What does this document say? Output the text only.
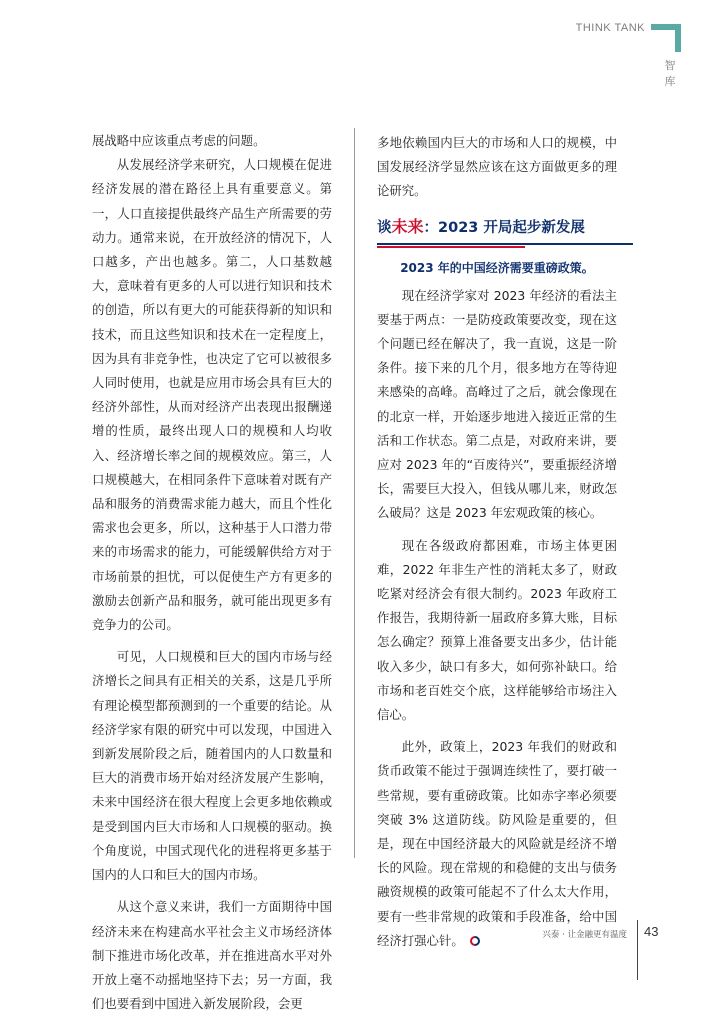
THINK TANK
智库

展战略中应该重点考虑的问题。

从发展经济学来研究，人口规模在促进经济发展的潜在路径上具有重要意义。第一，人口直接提供最终产品生产所需要的劳动力。通常来说，在开放经济的情况下，人口越多，产出也越多。第二，人口基数越大，意味着有更多的人可以进行知识和技术的创造，所以有更大的可能获得新的知识和技术，而且这些知识和技术在一定程度上，因为具有非竞争性，也决定了它可以被很多人同时使用，也就是应用市场会具有巨大的经济外部性，从而对经济产出表现出报酬递增的性质，最终出现人口的规模和人均收入、经济增长率之间的规模效应。第三，人口规模越大，在相同条件下意味着对既有产品和服务的消费需求能力越大，而且个性化需求也会更多，所以，这种基于人口潜力带来的市场需求的能力，可能缓解供给方对于市场前景的担忧，可以促使生产方有更多的激励去创新产品和服务，就可能出现更多有竞争力的公司。

可见，人口规模和巨大的国内市场与经济增长之间具有正相关的关系，这是几乎所有理论模型都预测到的一个重要的结论。从经济学家有限的研究中可以发现，中国进入到新发展阶段之后，随着国内的人口数量和巨大的消费市场开始对经济发展产生影响，未来中国经济在很大程度上会更多地依赖或是受到国内巨大市场和人口规模的驱动。换个角度说，中国式现代化的进程将更多基于国内的人口和巨大的国内市场。

从这个意义来讲，我们一方面期待中国经济未来在构建高水平社会主义市场经济体制下推进市场化改革，并在推进高水平对外开放上毫不动摇地坚持下去；另一方面，我们也要看到中国进入新发展阶段，会更

多地依赖国内巨大的市场和人口的规模，中国发展经济学显然应该在这方面做更多的理论研究。

谈未来：2023 开局起步新发展
2023 年的中国经济需要重磅政策。

现在经济学家对 2023 年经济的看法主要基于两点：一是防疫政策要改变，现在这个问题已经在解决了，我一直说，这是一阶条件。接下来的几个月，很多地方在等待迎来感染的高峰。高峰过了之后，就会像现在的北京一样，开始逐步地进入接近正常的生活和工作状态。第二点是，对政府来讲，要应对 2023 年的“百废待兴”，要重振经济增长，需要巨大投入，但钱从哪儿来，财政怎么破局？这是 2023 年宏观政策的核心。

现在各级政府都困难，市场主体更困难，2022 年非生产性的消耗太多了，财政吃紧对经济会有很大制约。2023 年政府工作报告，我期待新一届政府多算大账，目标怎么确定？预算上准备要支出多少，估计能收入多少，缺口有多大，如何弥补缺口。给市场和老百姓交个底，这样能够给市场注入信心。

此外，政策上，2023 年我们的财政和货币政策不能过于强调连续性了，要打破一些常规，要有重磅政策。比如赤字率必须要突破 3% 这道防线。防风险是重要的，但是，现在中国经济最大的风险就是经济不增长的风险。现在常规的和稳健的支出与债务融资规模的政策可能起不了什么太大作用，要有一些非常规的政策和手段准备，给中国经济打强心针。	兴泰 · 让金融更有温度 43
